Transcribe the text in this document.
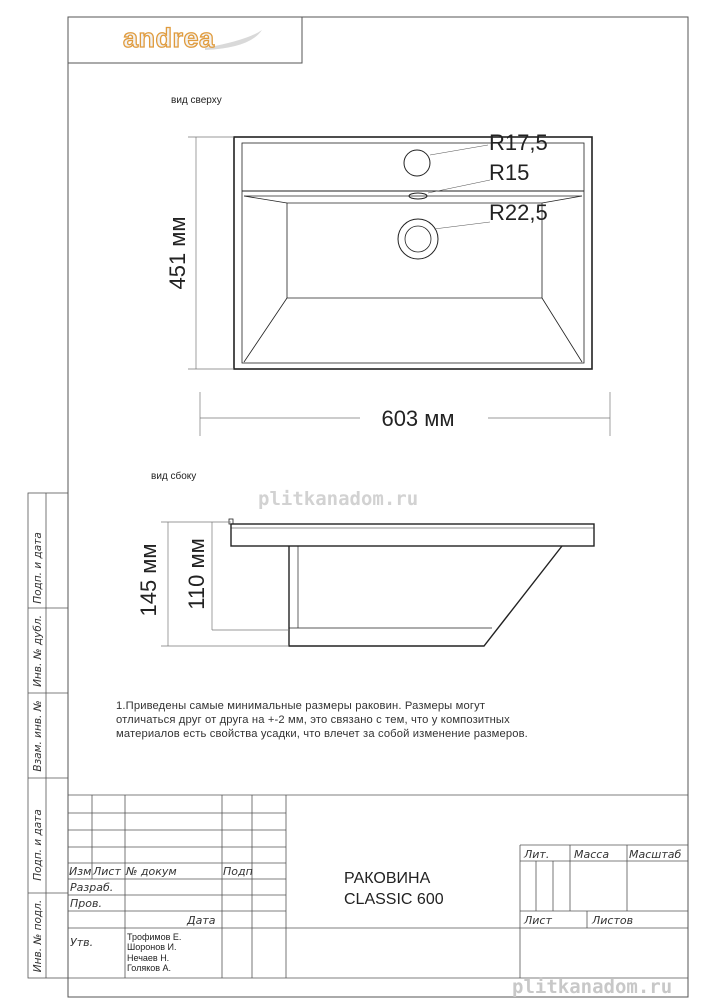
andrea
вид сверху
вид сбоку
R17,5
R15
R22,5
451 мм
603 мм
plitkanadom.ru
145 мм 110 мм
Подп. и дата
Инв. № дубл.
Взам. инв. №
Подп. и дата
Инв. № подл.
Изм Лист № докум	Подп
Дата
Разраб.
Пров.
Утв.	Трофимов Е.
Шоронов И.
Нечаев Н.
Голяков А.
РАКОВИНА
CLASSIC 600
Лит. Масса Масштаб
Лист	Листов
plitkanadom.ru
1.Приведены самые минимальные размеры раковин. Размеры могут
отличаться друг от друга на +-2 мм, это связано с тем, что у композитных
материалов есть свойства усадки, что влечет за собой изменение размеров.
